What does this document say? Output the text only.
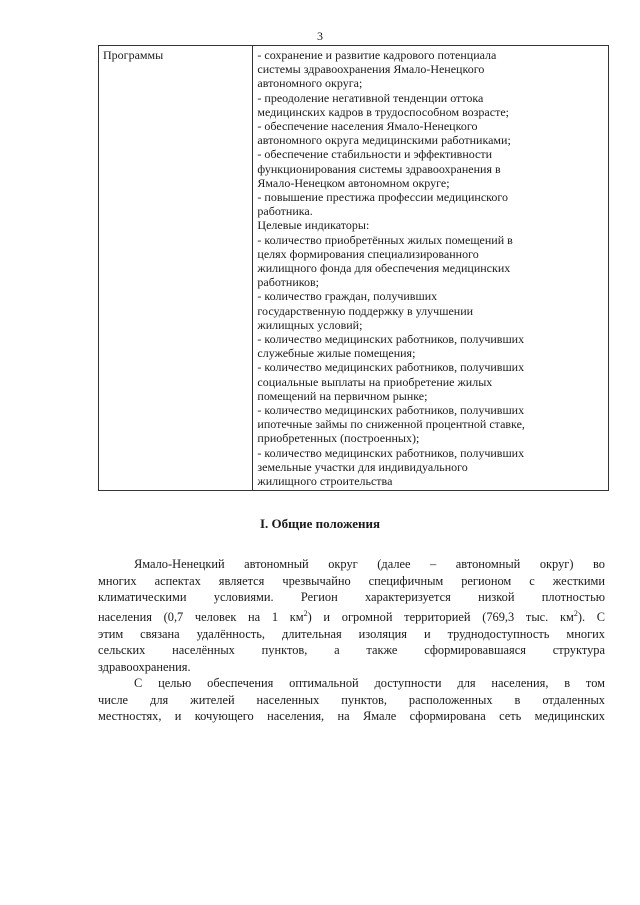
3
Программы	- сохранение и развитие кадрового потенциала
системы здравоохранения Ямало-Ненецкого
автономного округа;
- преодоление негативной тенденции оттока
медицинских кадров в трудоспособном возрасте;
- обеспечение населения Ямало-Ненецкого
автономного округа медицинскими работниками;
- обеспечение стабильности и эффективности
функционирования системы здравоохранения в
Ямало-Ненецком автономном округе;
- повышение престижа профессии медицинского
работника.
Целевые индикаторы:
- количество приобретённых жилых помещений в
целях формирования специализированного
жилищного фонда для обеспечения медицинских
работников;
- количество граждан, получивших
государственную поддержку в улучшении
жилищных условий;
- количество медицинских работников, получивших
служебные жилые помещения;
- количество медицинских работников, получивших
социальные выплаты на приобретение жилых
помещений на первичном рынке;
- количество медицинских работников, получивших
ипотечные займы по сниженной процентной ставке,
приобретенных (построенных);
- количество медицинских работников, получивших
земельные участки для индивидуального
жилищного строительства
I. Общие положения

Ямало-Ненецкий автономный округ (далее – автономный округ) во
многих аспектах является чрезвычайно специфичным регионом с жесткими
климатическими условиями. Регион характеризуется низкой плотностью
населения (0,7 человек на 1 $км^2$) и огромной территорией (769,3 тыс. $км^2$). С
этим связана удалённость, длительная изоляция и труднодоступность многих
сельских населённых пунктов, а также сформировавшаяся структура
здравоохранения.

С целью обеспечения оптимальной доступности для населения, в том
числе для жителей населенных пунктов, расположенных в отдаленных
местностях, и кочующего населения, на Ямале сформирована сеть медицинских
